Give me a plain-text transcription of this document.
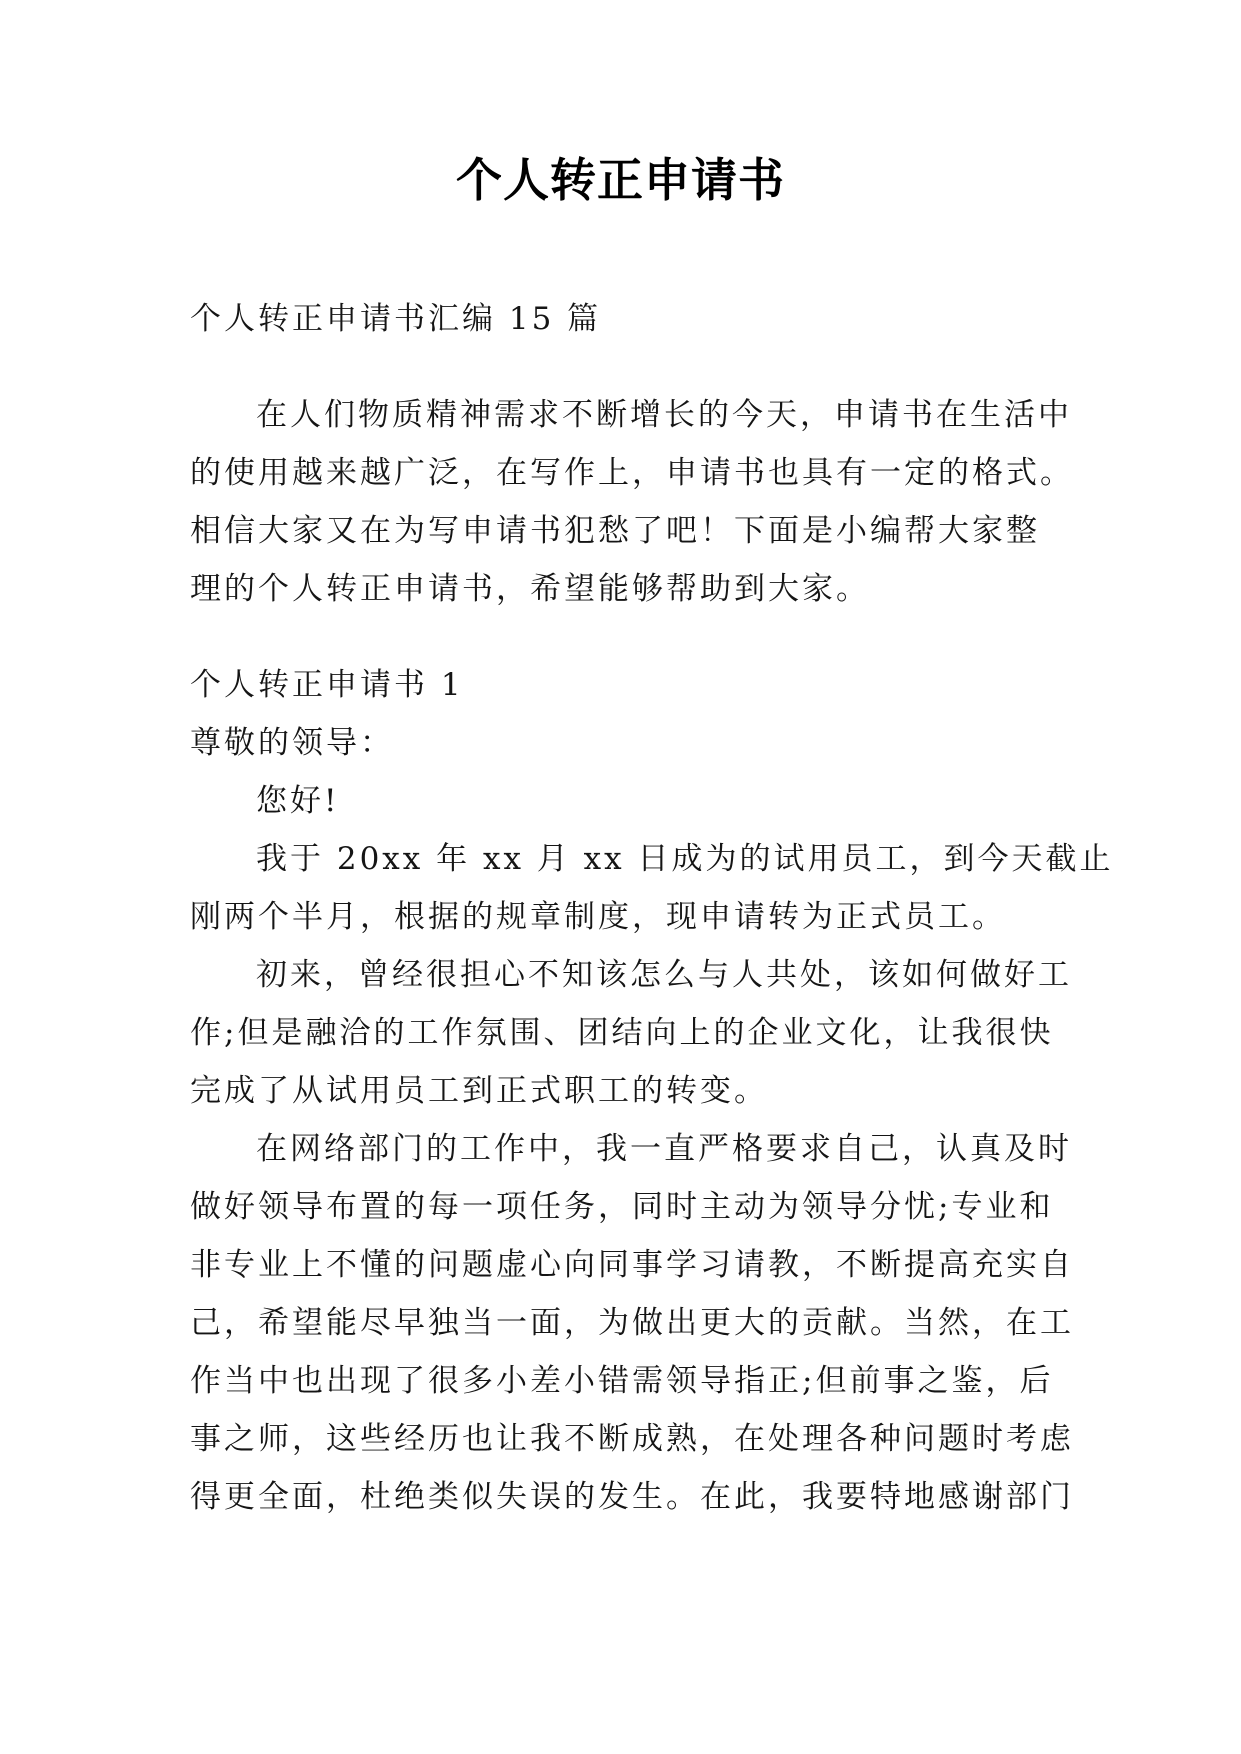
个人转正申请书
个人转正申请书汇编 15 篇
在人们物质精神需求不断增长的今天，申请书在生活中
的使用越来越广泛，在写作上，申请书也具有一定的格式。
相信大家又在为写申请书犯愁了吧！下面是小编帮大家整
理的个人转正申请书，希望能够帮助到大家。
个人转正申请书 1
尊敬的领导：
您好!
我于 20xx 年 xx 月 xx 日成为的试用员工，到今天截止
刚两个半月，根据的规章制度，现申请转为正式员工。
初来，曾经很担心不知该怎么与人共处，该如何做好工
作;但是融洽的工作氛围、团结向上的企业文化，让我很快
完成了从试用员工到正式职工的转变。
在网络部门的工作中，我一直严格要求自己，认真及时
做好领导布置的每一项任务，同时主动为领导分忧;专业和
非专业上不懂的问题虚心向同事学习请教，不断提高充实自
己，希望能尽早独当一面，为做出更大的贡献。当然，在工
作当中也出现了很多小差小错需领导指正;但前事之鉴，后
事之师，这些经历也让我不断成熟，在处理各种问题时考虑
得更全面，杜绝类似失误的发生。在此，我要特地感谢部门
